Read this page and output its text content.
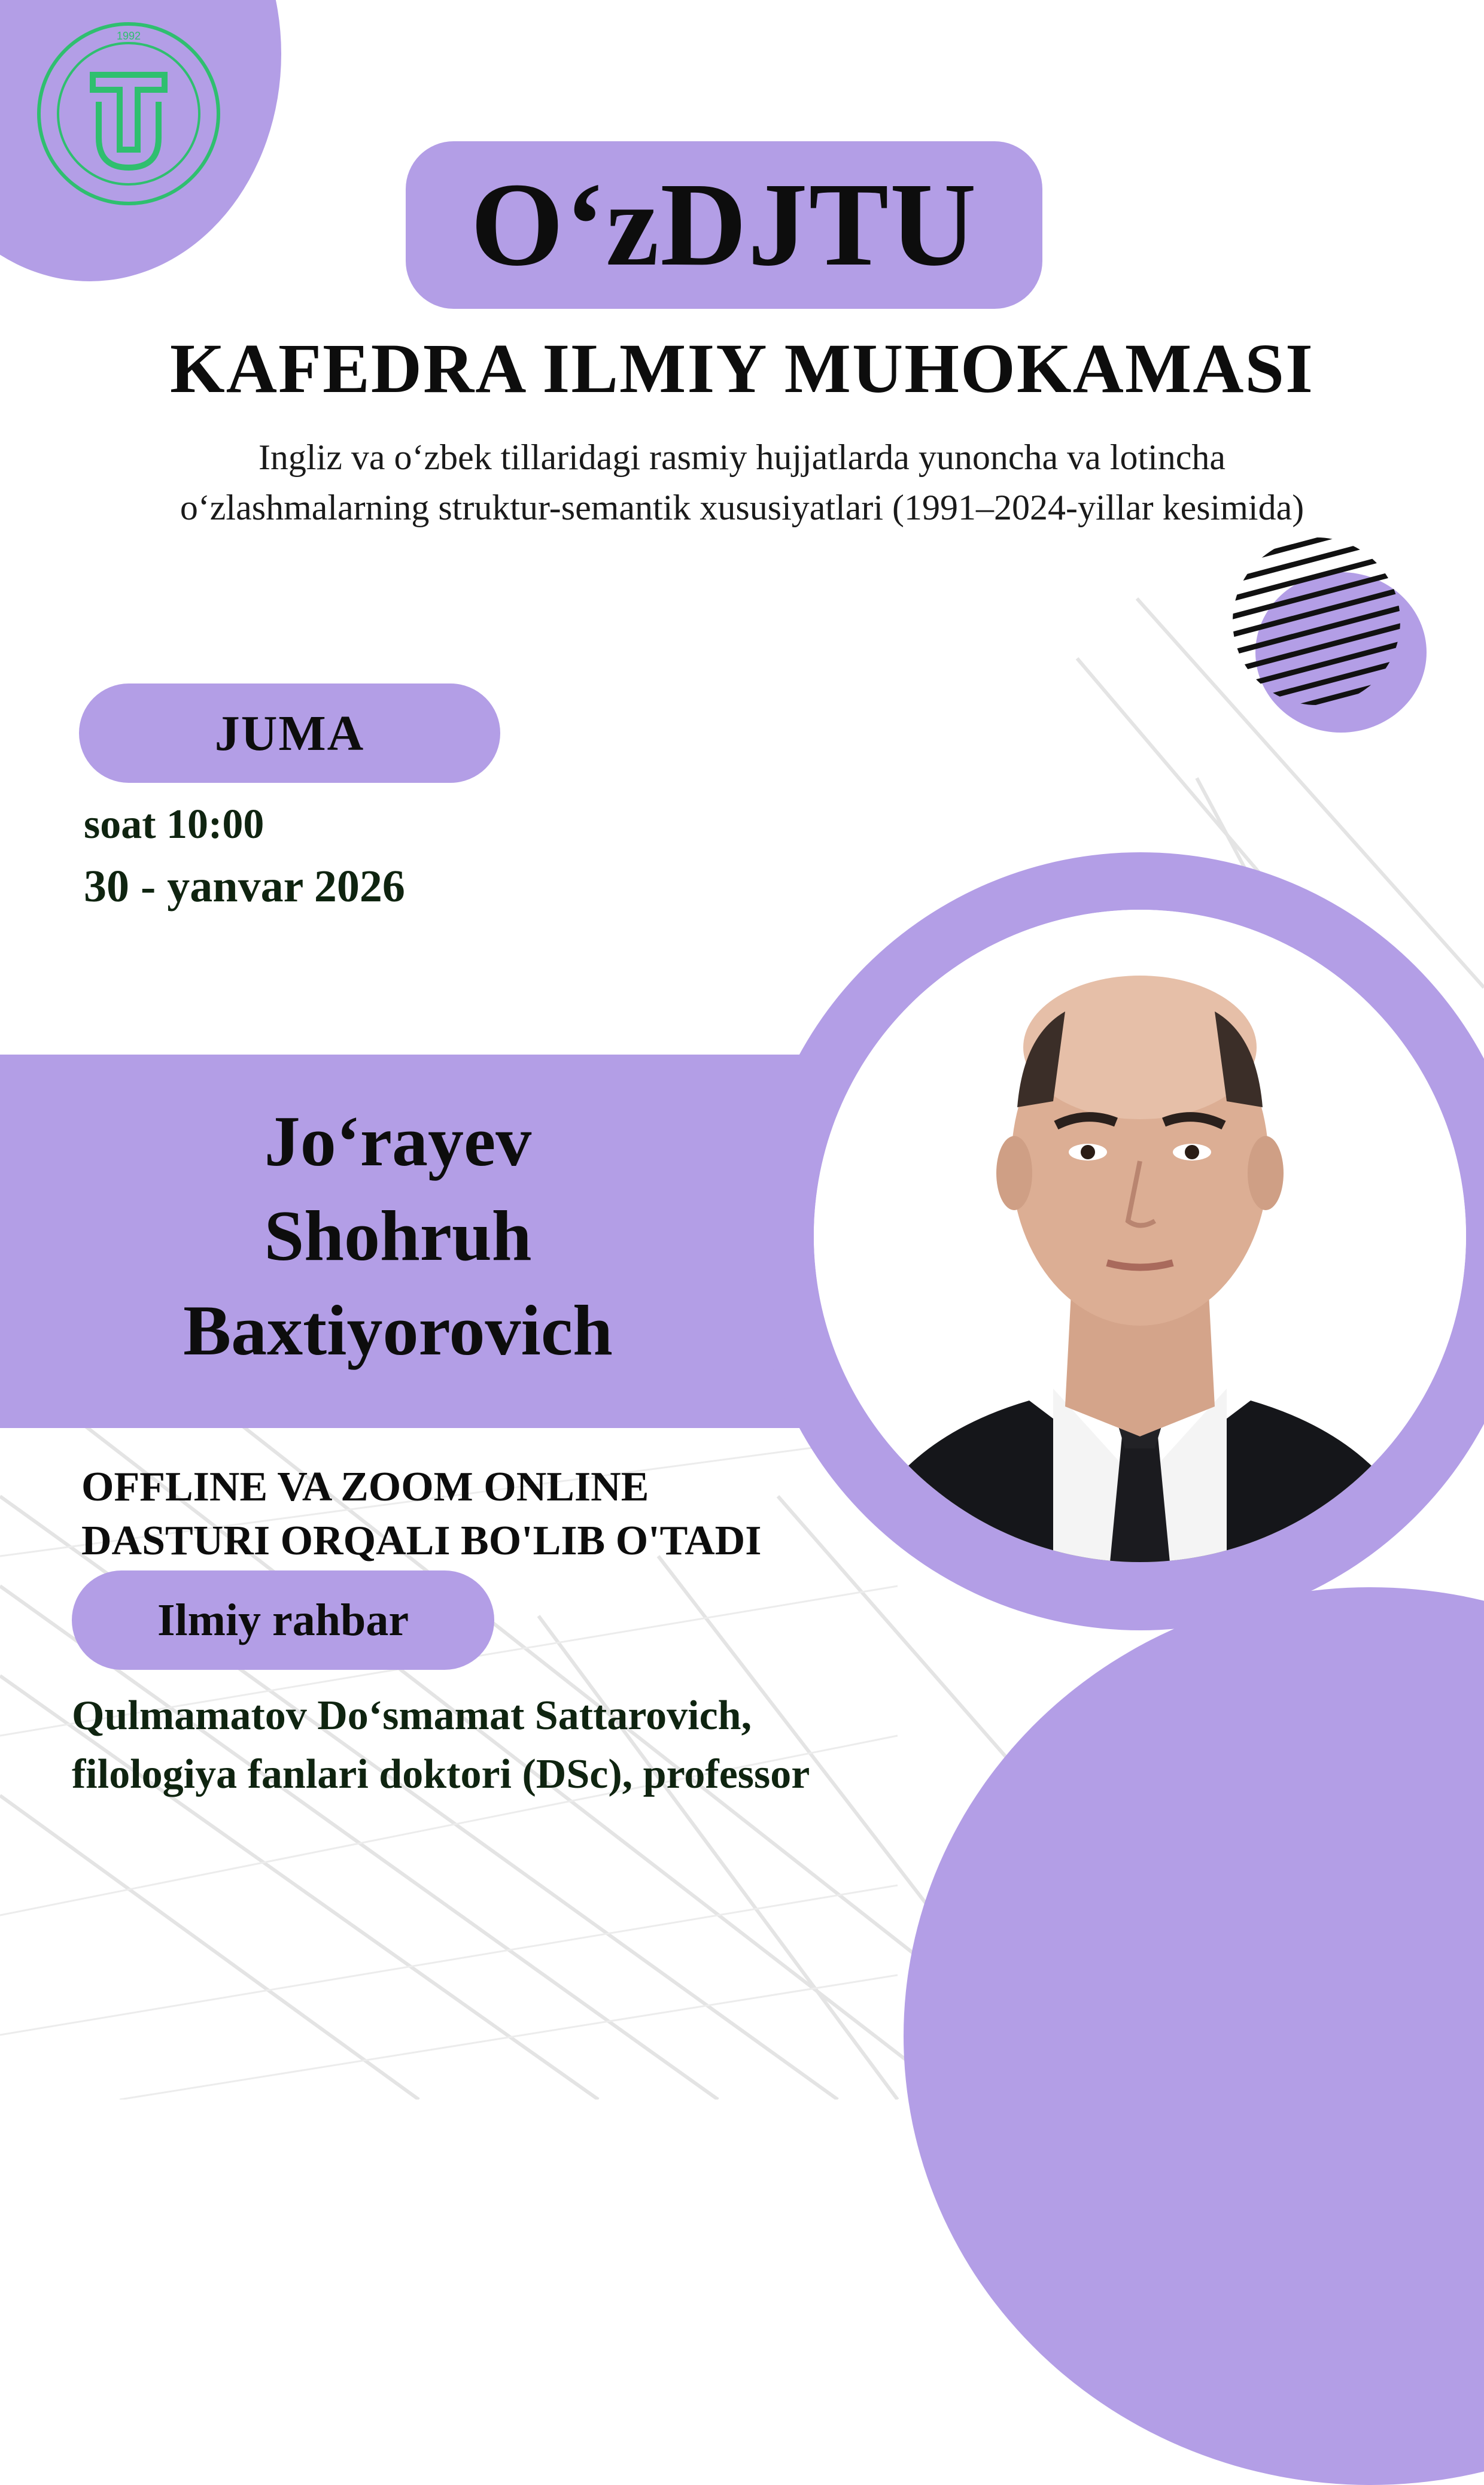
1992
O‘zDJTU
KAFEDRA ILMIY MUHOKAMASI
Ingliz va o‘zbek tillaridagi rasmiy hujjatlarda yunoncha va lotincha
o‘zlashmalarning struktur-semantik xususiyatlari (1991–2024-yillar kesimida)
JUMA
soat 10:00
30 - yanvar 2026
Jo‘rayev
Shohruh
Baxtiyorovich
OFFLINE VA ZOOM ONLINE
DASTURI ORQALI BO'LIB O'TADI
Ilmiy rahbar
Qulmamatov Do‘smamat Sattarovich,
filologiya fanlari doktori (DSc), professor
